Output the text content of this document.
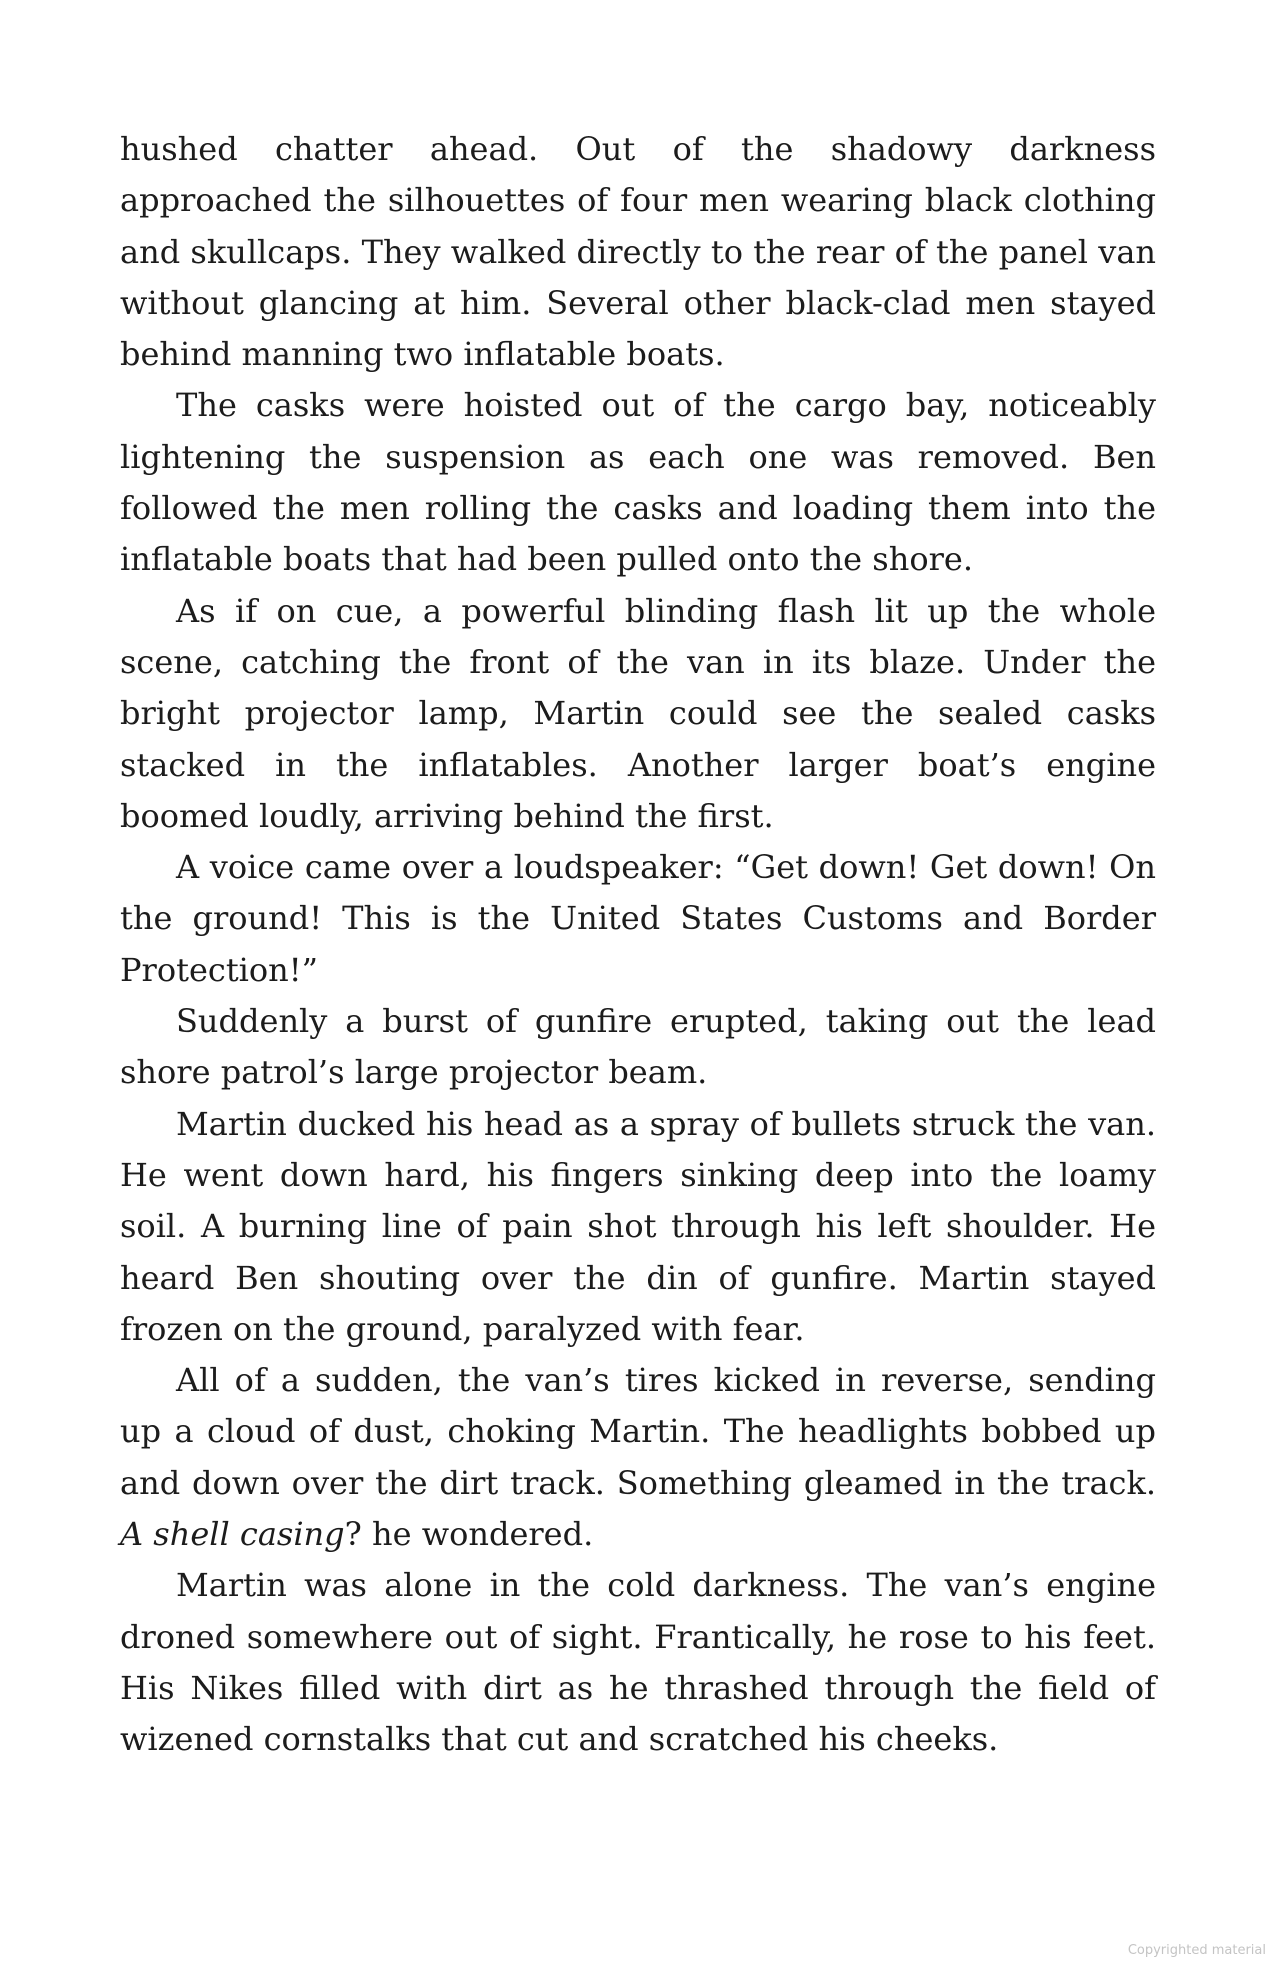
hushed chatter ahead. Out of the shadowy darkness approached the silhouettes of four men wearing black clothing and skullcaps. They walked directly to the rear of the panel van without glancing at him. Several other black-clad men stayed behind manning two inflatable boats.

The casks were hoisted out of the cargo bay, noticeably lightening the suspension as each one was removed. Ben followed the men rolling the casks and loading them into the inflatable boats that had been pulled onto the shore.

As if on cue, a powerful blinding flash lit up the whole scene, catching the front of the van in its blaze. Under the bright projector lamp, Martin could see the sealed casks stacked in the inflatables. Another larger boat’s engine boomed loudly, arriving behind the first.

A voice came over a loudspeaker: “Get down! Get down! On the ground! This is the United States Customs and Border Protection!”

Suddenly a burst of gunfire erupted, taking out the lead shore patrol’s large projector beam.

Martin ducked his head as a spray of bullets struck the van. He went down hard, his fingers sinking deep into the loamy soil. A burning line of pain shot through his left shoulder. He heard Ben shouting over the din of gunfire. Martin stayed frozen on the ground, paralyzed with fear.

All of a sudden, the van’s tires kicked in reverse, sending up a cloud of dust, choking Martin. The headlights bobbed up and down over the dirt track. Something gleamed in the track. A shell casing? he wondered.

Martin was alone in the cold darkness. The van’s engine droned somewhere out of sight. Frantically, he rose to his feet. His Nikes filled with dirt as he thrashed through the field of wizened cornstalks that cut and scratched his cheeks.

Copyrighted material
